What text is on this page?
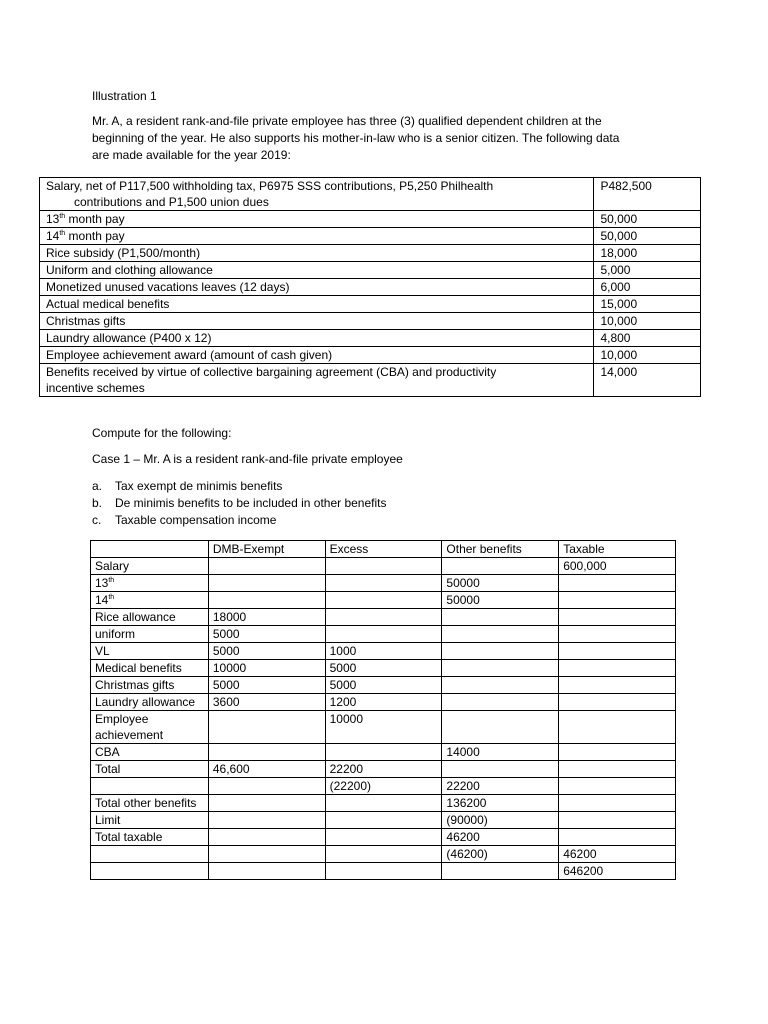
Illustration 1
Mr. A, a resident rank-and-file private employee has three (3) qualified dependent children at the
beginning of the year. He also supports his mother-in-law who is a senior citizen. The following data
are made available for the year 2019:
Salary, net of P117,500 withholding tax, P6975 SSS contributions, P5,250 Philhealth
contributions and P1,500 union dues	P482,500
13th month pay	50,000
14th month pay	50,000
Rice subsidy (P1,500/month)	18,000
Uniform and clothing allowance	5,000
Monetized unused vacations leaves (12 days)	6,000
Actual medical benefits	15,000
Christmas gifts	10,000
Laundry allowance (P400 x 12)	4,800
Employee achievement award (amount of cash given)	10,000
Benefits received by virtue of collective bargaining agreement (CBA) and productivity
incentive schemes	14,000
Compute for the following:
Case 1 – Mr. A is a resident rank-and-file private employee
a. Tax exempt de minimis benefits
b. De minimis benefits to be included in other benefits
c. Taxable compensation income
	DMB-Exempt	Excess	Other benefits	Taxable
Salary				600,000
13th			50000	
14th			50000	
Rice allowance	18000			
uniform	5000			
VL	5000	1000		
Medical benefits	10000	5000		
Christmas gifts	5000	5000		
Laundry allowance	3600	1200		
Employee achievement		10000		
CBA			14000	
Total	46,600	22200		
		(22200)	22200	
Total other benefits			136200	
Limit			(90000)	
Total taxable			46200	
			(46200)	46200
				646200
